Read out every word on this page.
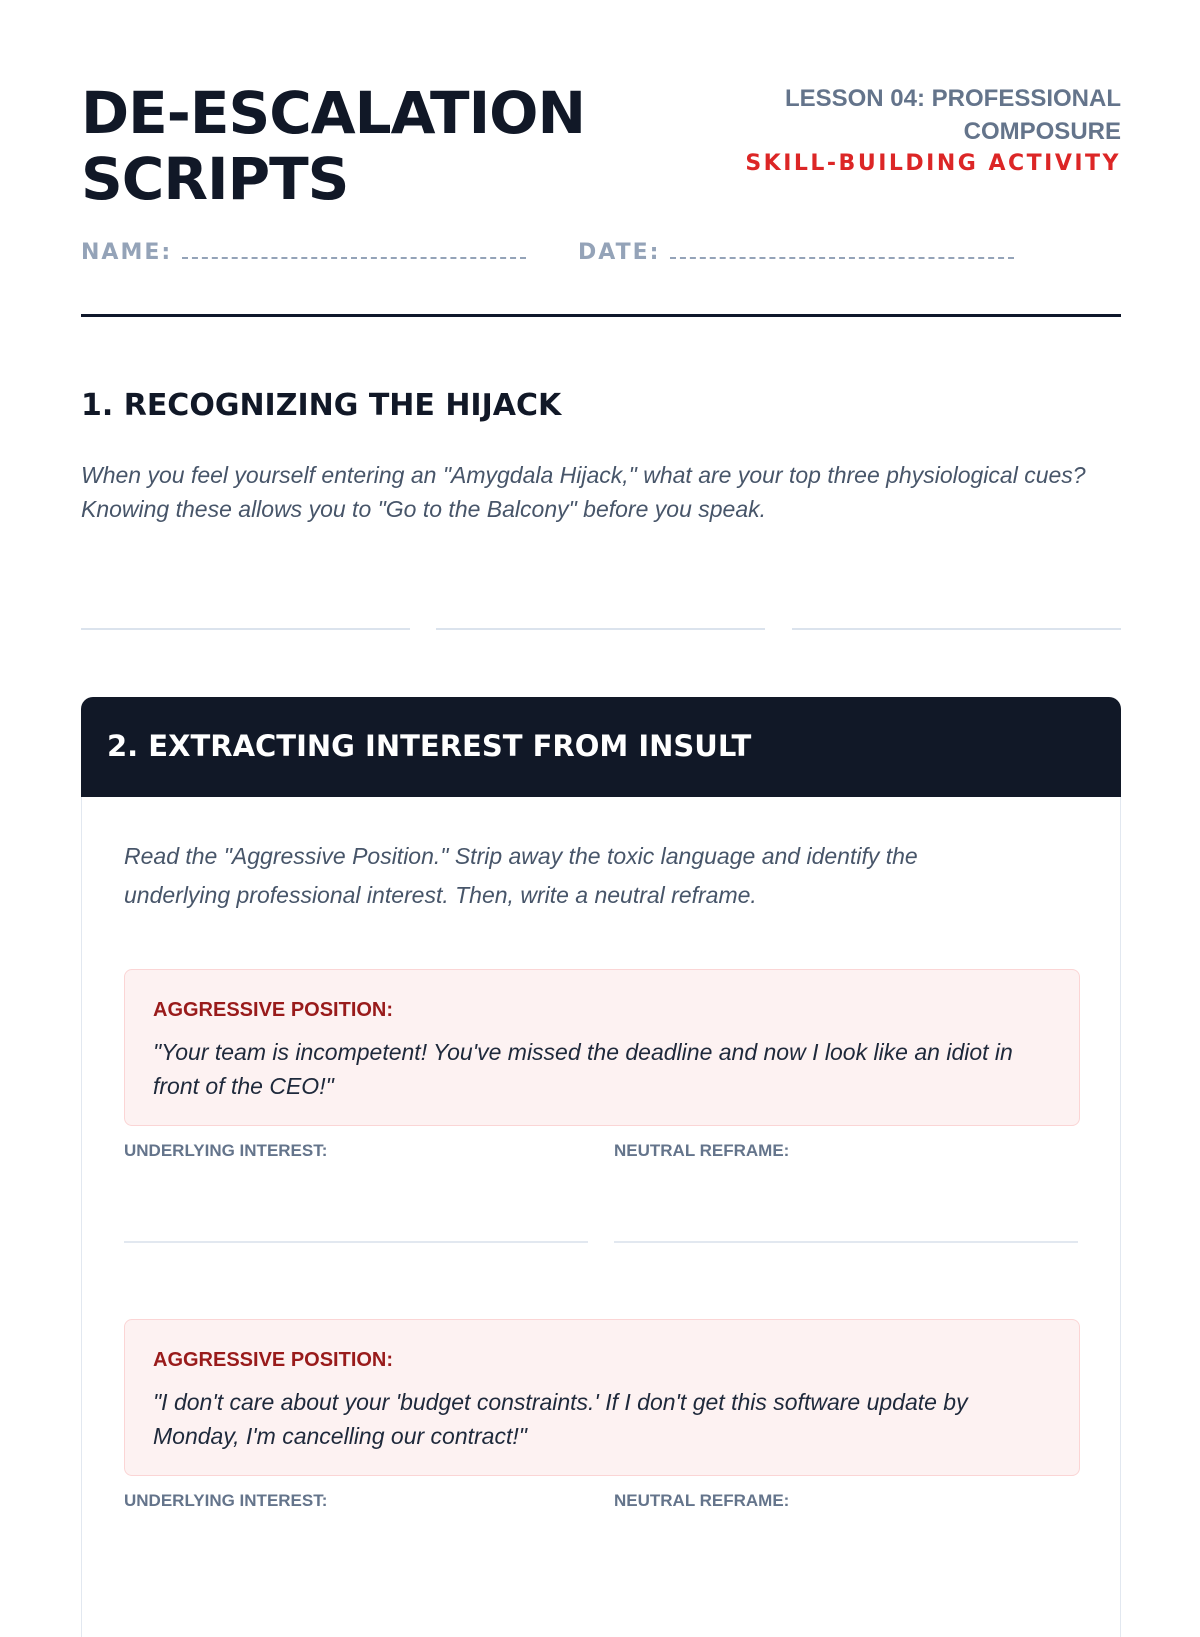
DE-ESCALATION
SCRIPTS
LESSON 04: PROFESSIONAL
COMPOSURE
SKILL-BUILDING ACTIVITY
NAME:	DATE:
1. RECOGNIZING THE HIJACK

When you feel yourself entering an "Amygdala Hijack," what are your top three physiological cues? Knowing these allows you to "Go to the Balcony" before you speak.

2. EXTRACTING INTEREST FROM INSULT

Read the "Aggressive Position." Strip away the toxic language and identify the underlying professional interest. Then, write a neutral reframe.

AGGRESSIVE POSITION:

"Your team is incompetent! You've missed the deadline and now I look like an idiot in front of the CEO!"

UNDERLYING INTEREST:	NEUTRAL REFRAME:
AGGRESSIVE POSITION:

"I don't care about your 'budget constraints.' If I don't get this software update by Monday, I'm cancelling our contract!"

UNDERLYING INTEREST:	NEUTRAL REFRAME:
